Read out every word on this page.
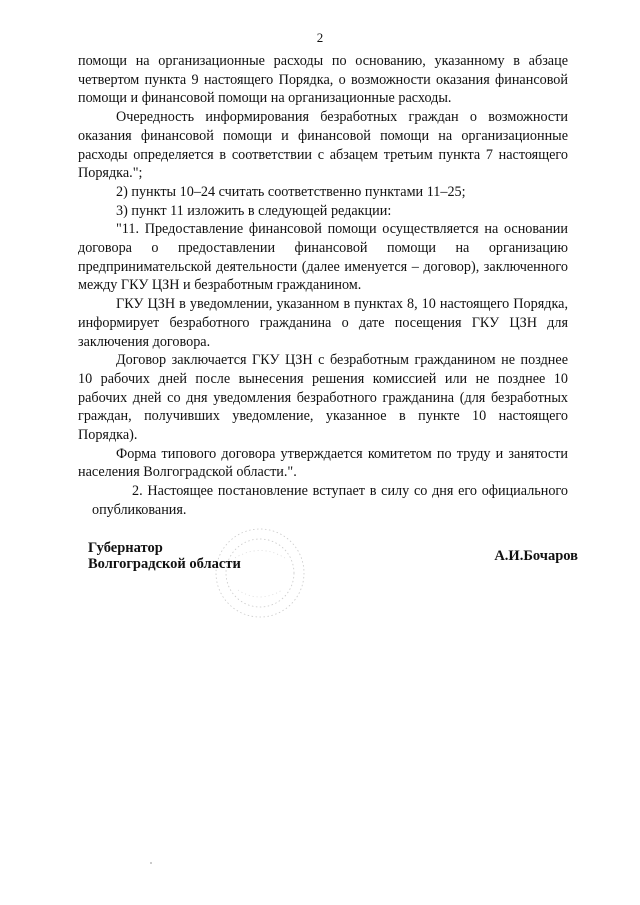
2

помощи на организационные расходы по основанию, указанному в абзаце четвертом пункта 9 настоящего Порядка, о возможности оказания финансовой помощи и финансовой помощи на организационные расходы.

Очередность информирования безработных граждан о возможности оказания финансовой помощи и финансовой помощи на организационные расходы определяется в соответствии с абзацем третьим пункта 7 настоящего Порядка.";

2) пункты 10–24 считать соответственно пунктами 11–25;

3) пункт 11 изложить в следующей редакции:

"11. Предоставление финансовой помощи осуществляется на основании договора о предоставлении финансовой помощи на организацию предпринимательской деятельности (далее именуется – договор), заключенного между ГКУ ЦЗН и безработным гражданином.

ГКУ ЦЗН в уведомлении, указанном в пунктах 8, 10 настоящего Порядка, информирует безработного гражданина о дате посещения ГКУ ЦЗН для заключения договора.

Договор заключается ГКУ ЦЗН с безработным гражданином не позднее 10 рабочих дней после вынесения решения комиссией или не позднее 10 рабочих дней со дня уведомления безработного гражданина (для безработных граждан, получивших уведомление, указанное в пункте 10 настоящего Порядка).

Форма типового договора утверждается комитетом по труду и занятости населения Волгоградской области.".

2. Настоящее постановление вступает в силу со дня его официального опубликования.

Губернатор
Волгоградской области	А.И.Бочаров
